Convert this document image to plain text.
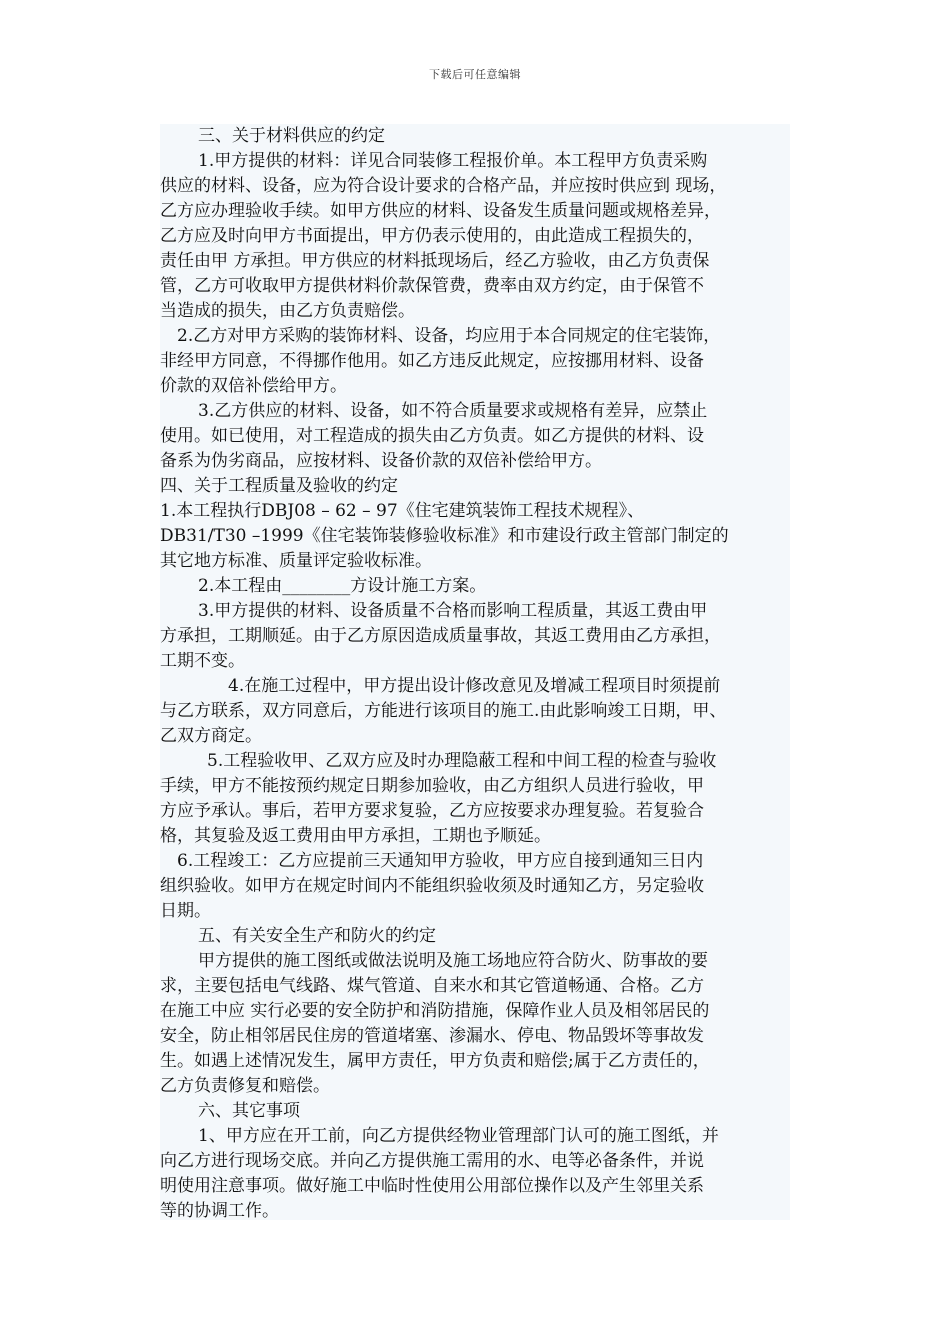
下载后可任意编辑
三、关于材料供应的约定
1.甲方提供的材料：详见合同装修工程报价单。本工程甲方负责采购
供应的材料、设备，应为符合设计要求的合格产品，并应按时供应到 现场，
乙方应办理验收手续。如甲方供应的材料、设备发生质量问题或规格差异，
乙方应及时向甲方书面提出，甲方仍表示使用的，由此造成工程损失的，
责任由甲 方承担。甲方供应的材料抵现场后，经乙方验收，由乙方负责保
管，乙方可收取甲方提供材料价款保管费，费率由双方约定，由于保管不
当造成的损失，由乙方负责赔偿。
2.乙方对甲方采购的装饰材料、设备，均应用于本合同规定的住宅装饰，
非经甲方同意，不得挪作他用。如乙方违反此规定，应按挪用材料、设备
价款的双倍补偿给甲方。
3.乙方供应的材料、设备，如不符合质量要求或规格有差异，应禁止
使用。如已使用，对工程造成的损失由乙方负责。如乙方提供的材料、设
备系为伪劣商品，应按材料、设备价款的双倍补偿给甲方。
四、关于工程质量及验收的约定
1.本工程执行DBJ08 – 62 – 97《住宅建筑装饰工程技术规程》、
DB31/T30 –1999《住宅装饰装修验收标准》和市建设行政主管部门制定的
其它地方标准、质量评定验收标准。
2.本工程由________方设计施工方案。
3.甲方提供的材料、设备质量不合格而影响工程质量，其返工费由甲
方承担，工期顺延。由于乙方原因造成质量事故，其返工费用由乙方承担，
工期不变。
4.在施工过程中，甲方提出设计修改意见及增减工程项目时须提前
与乙方联系，双方同意后，方能进行该项目的施工.由此影响竣工日期，甲、
乙双方商定。
5.工程验收甲、乙双方应及时办理隐蔽工程和中间工程的检查与验收
手续，甲方不能按预约规定日期参加验收，由乙方组织人员进行验收，甲
方应予承认。事后，若甲方要求复验，乙方应按要求办理复验。若复验合
格，其复验及返工费用由甲方承担，工期也予顺延。
6.工程竣工：乙方应提前三天通知甲方验收，甲方应自接到通知三日内
组织验收。如甲方在规定时间内不能组织验收须及时通知乙方，另定验收
日期。
五、有关安全生产和防火的约定
甲方提供的施工图纸或做法说明及施工场地应符合防火、防事故的要
求，主要包括电气线路、煤气管道、自来水和其它管道畅通、合格。乙方
在施工中应 实行必要的安全防护和消防措施，保障作业人员及相邻居民的
安全，防止相邻居民住房的管道堵塞、渗漏水、停电、物品毁坏等事故发
生。如遇上述情况发生，属甲方责任，甲方负责和赔偿;属于乙方责任的，
乙方负责修复和赔偿。
六、其它事项
1、甲方应在开工前，向乙方提供经物业管理部门认可的施工图纸，并
向乙方进行现场交底。并向乙方提供施工需用的水、电等必备条件，并说
明使用注意事项。做好施工中临时性使用公用部位操作以及产生邻里关系
等的协调工作。
